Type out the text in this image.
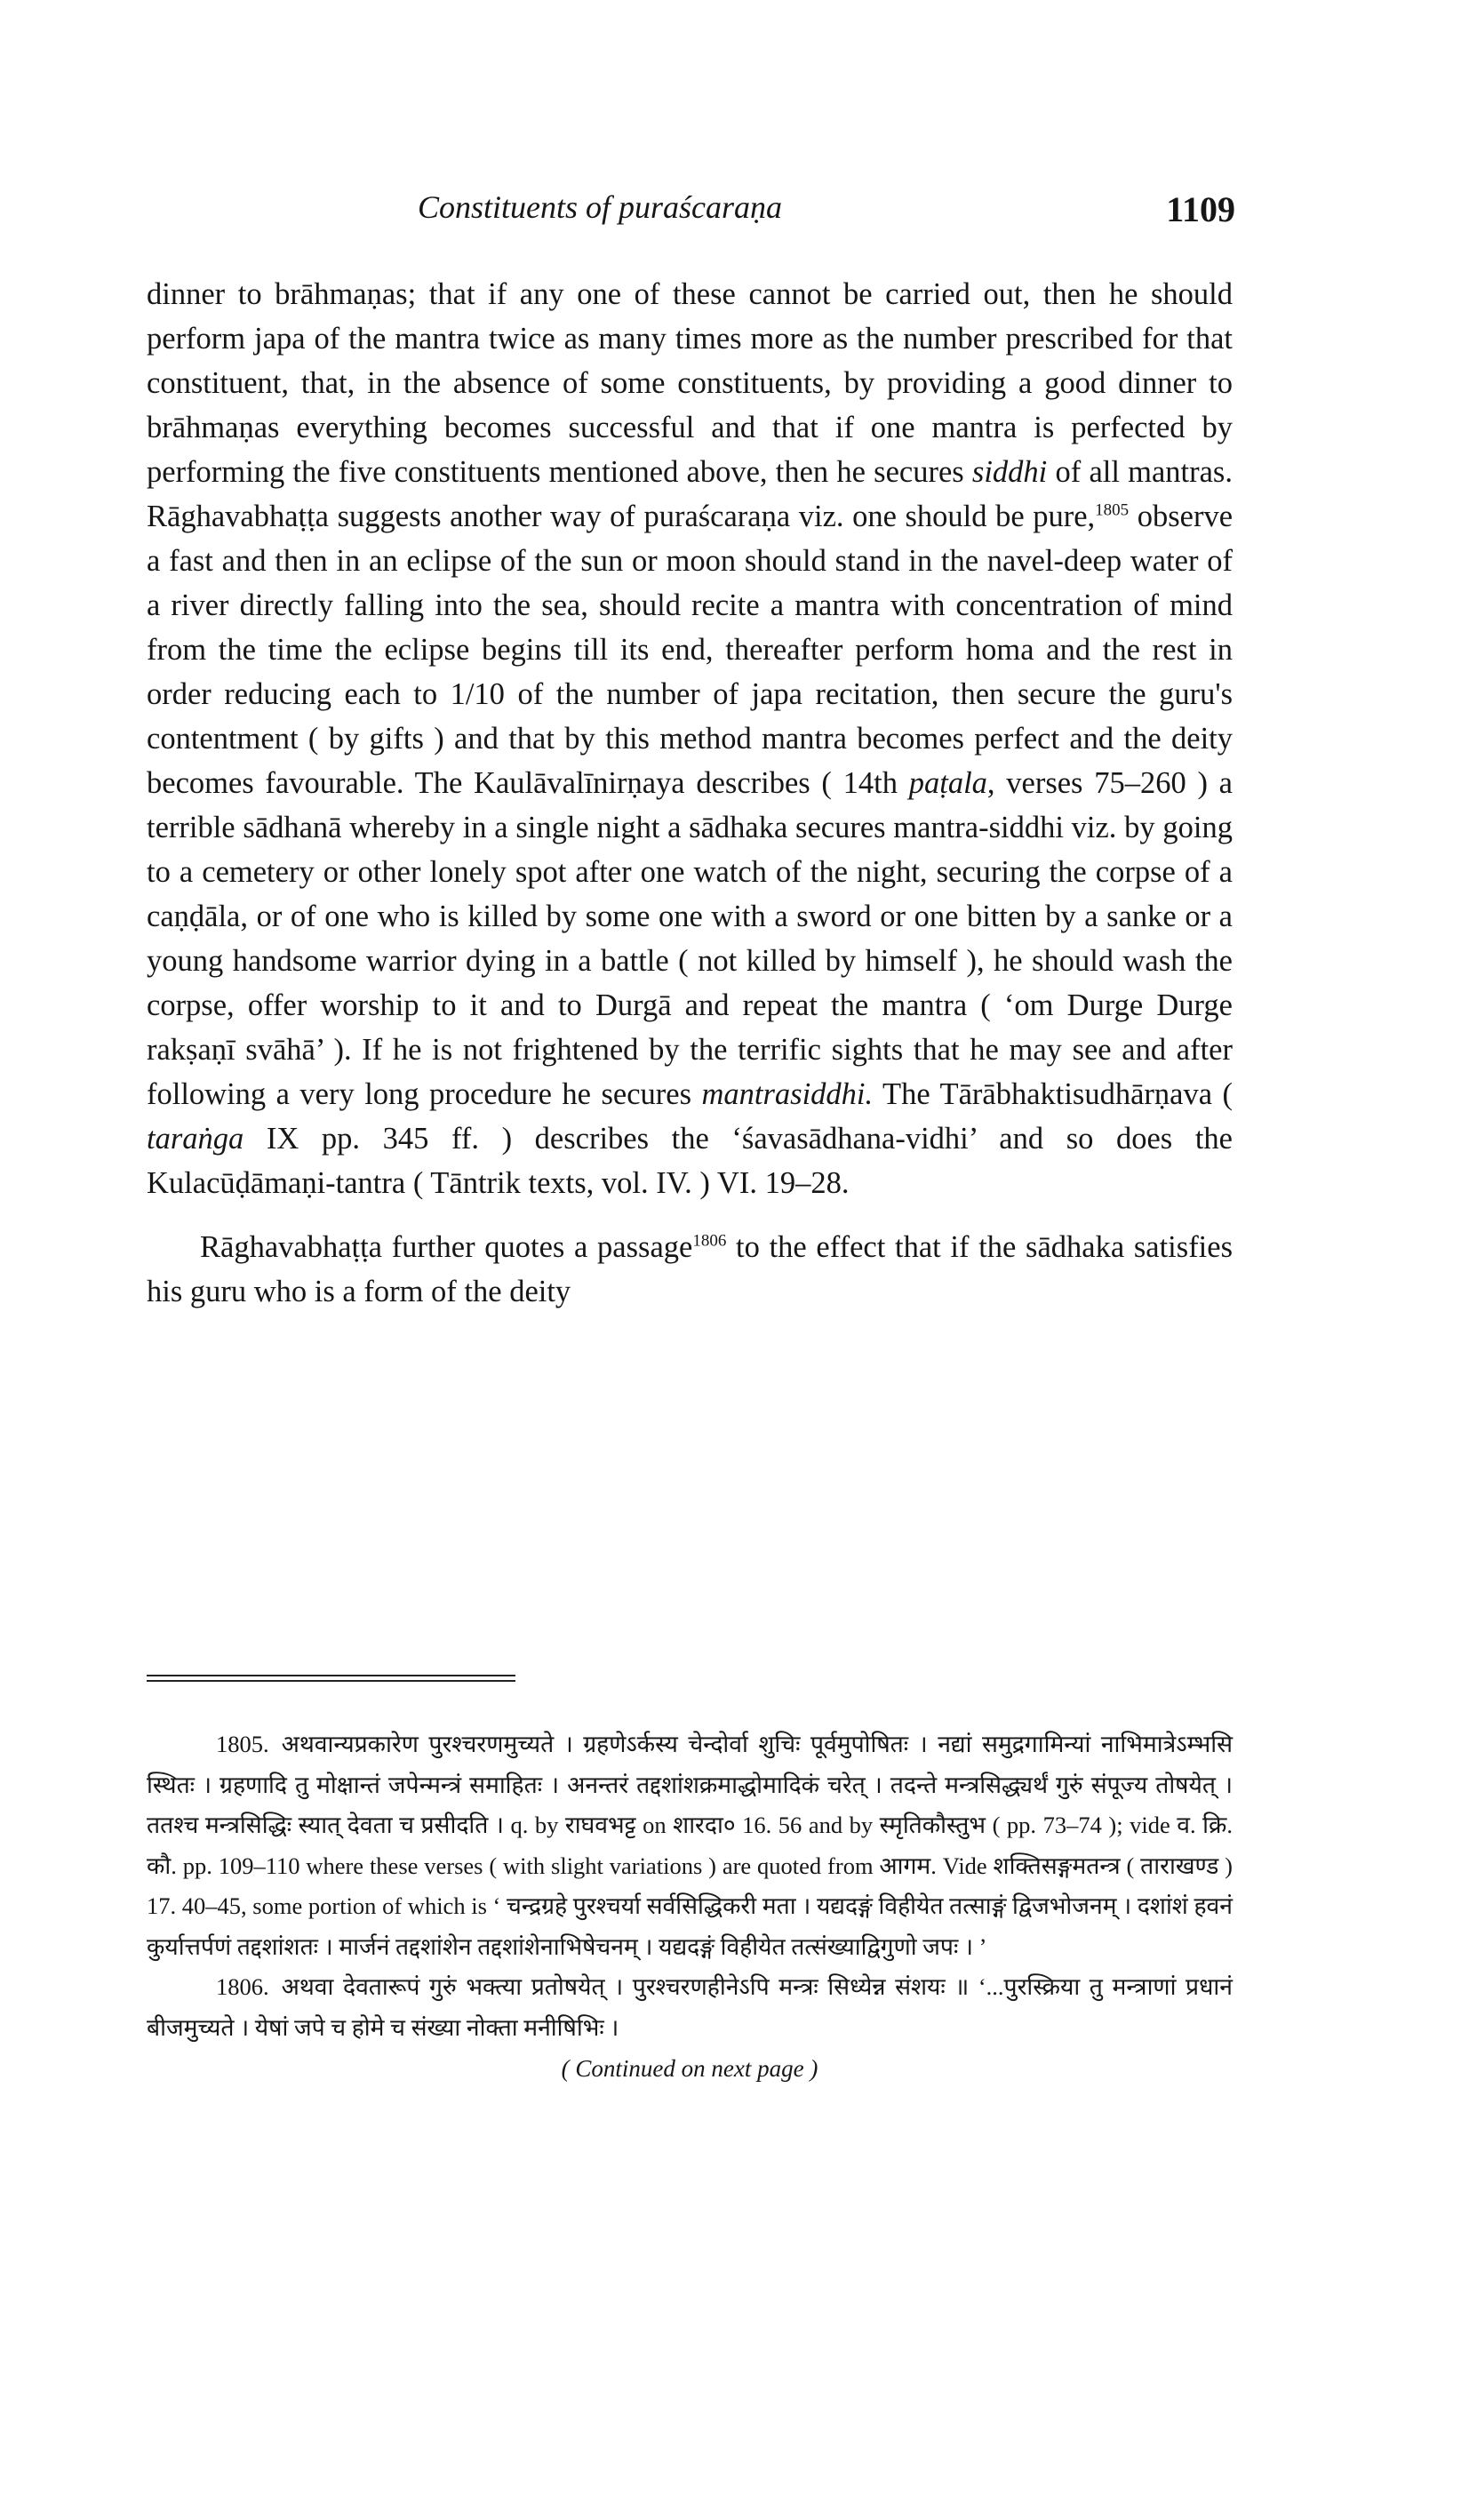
Constituents of puraścaraṇa	1109

dinner to brāhmaṇas; that if any one of these cannot be carried out, then he should perform japa of the mantra twice as many times more as the number prescribed for that constituent, that, in the absence of some constituents, by providing a good dinner to brāhmaṇas everything becomes successful and that if one mantra is perfected by performing the five constituents mentioned above, then he secures siddhi of all mantras. Rāghavabhaṭṭa suggests another way of puraścaraṇa viz. one should be pure,$^{1805}$ observe a fast and then in an eclipse of the sun or moon should stand in the navel-deep water of a river directly falling into the sea, should recite a mantra with concentration of mind from the time the eclipse begins till its end, thereafter perform homa and the rest in order reducing each to 1/10 of the number of japa recitation, then secure the guru's contentment ( by gifts ) and that by this method mantra becomes perfect and the deity becomes favourable. The Kaulāvalīnirṇaya describes ( 14th paṭala, verses 75–260 ) a terrible sādhanā whereby in a single night a sādhaka secures mantra-siddhi viz. by going to a cemetery or other lonely spot after one watch of the night, securing the corpse of a caṇḍāla, or of one who is killed by some one with a sword or one bitten by a sanke or a young handsome warrior dying in a battle ( not killed by himself ), he should wash the corpse, offer worship to it and to Durgā and repeat the mantra ( ‘om Durge Durge rakṣaṇī svāhā’ ). If he is not frightened by the terrific sights that he may see and after following a very long procedure he secures mantrasiddhi. The Tārābhaktisudhārṇava ( taraṅga IX pp. 345 ff. ) describes the ‘śavasādhana-vidhi’ and so does the Kulacūḍāmaṇi-tantra ( Tāntrik texts, vol. IV. ) VI. 19–28.

Rāghavabhaṭṭa further quotes a passage$^{1806}$ to the effect that if the sādhaka satisfies his guru who is a form of the deity

1805. अथवान्यप्रकारेण पुरश्चरणमुच्यते । ग्रहणेऽर्कस्य चेन्दोर्वा शुचिः पूर्वमुपोषितः । नद्यां समुद्रगामिन्यां नाभिमात्रेऽम्भसि स्थितः । ग्रहणादि तु मोक्षान्तं जपेन्मन्त्रं समाहितः । अनन्तरं तद्दशांशक्रमाद्धोमादिकं चरेत् । तदन्ते मन्त्रसिद्ध्यर्थं गुरुं संपूज्य तोषयेत् । ततश्च मन्त्रसिद्धिः स्यात् देवता च प्रसीदति । q. by राघवभट्ट on शारदा० 16. 56 and by स्मृतिकौस्तुभ ( pp. 73–74 ); vide व. क्रि. कौ. pp. 109–110 where these verses ( with slight variations ) are quoted from आगम. Vide शक्तिसङ्गमतन्त्र ( ताराखण्ड ) 17. 40–45, some portion of which is ‘ चन्द्रग्रहे पुरश्चर्या सर्वसिद्धिकरी मता । यद्यदङ्गं विहीयेत तत्साङ्गं द्विजभोजनम् । दशांशं हवनं कुर्यात्तर्पणं तद्दशांशतः । मार्जनं तद्दशांशेन तद्दशांशेनाभिषेचनम् । यद्यदङ्गं विहीयेत तत्संख्याद्विगुणो जपः । ’

1806. अथवा देवतारूपं गुरुं भक्त्या प्रतोषयेत् । पुरश्चरणहीनेऽपि मन्त्रः सिध्येन्न संशयः ॥ ‘...पुरस्क्रिया तु मन्त्राणां प्रधानं बीजमुच्यते । येषां जपे च होमे च संख्या नोक्ता मनीषिभिः ।

( Continued on next page )
